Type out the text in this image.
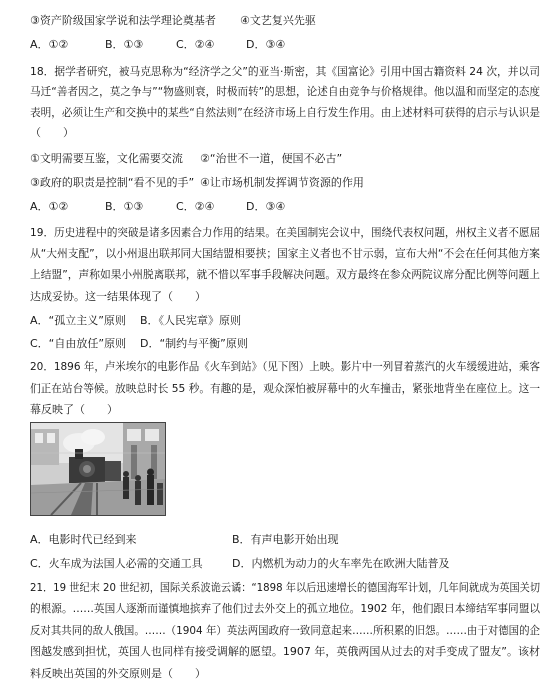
③资产阶级国家学说和法学理论奠基者 ④文艺复兴先驱
A．①②	B．①③	C．②④	D．③④
18．据学者研究，被马克思称为“经济学之父”的亚当·斯密，其《国富论》引用中国古籍资料 24 次，并以司
马迁“善者因之，莫之争与”“物盛则衰，时极而转”的思想，论述自由竞争与价格规律。他以温和而坚定的态度
表明，必须让生产和交换中的某些“自然法则”在经济市场上自行发生作用。由上述材料可获得的启示与认识是
（　　）
①文明需要互鉴，文化需要交流 ②“治世不一道，便国不必古”
③政府的职责是控制“看不见的手” ④让市场机制发挥调节资源的作用
A．①②	B．①③	C．②④	D．③④
19．历史进程中的突破是诸多因素合力作用的结果。在美国制宪会议中，围绕代表权问题，州权主义者不愿屈
从“大州支配”，以小州退出联邦同大国结盟相要挟；国家主义者也不甘示弱，宣布大州“不会在任何其他方案
上结盟”，声称如果小州脱离联邦，就不惜以军事手段解决问题。双方最终在参众两院议席分配比例等问题上
达成妥协。这一结果体现了（　　）
A．“孤立主义”原则 B．《人民宪章》原则
C．“自由放任”原则 D．“制约与平衡”原则
20．1896 年，卢米埃尔的电影作品《火车到站》（见下图）上映。影片中一列冒着蒸汽的火车缓缓进站，乘客
们正在站台等候。放映总时长 55 秒。有趣的是，观众深怕被屏幕中的火车撞击，紧张地背坐在座位上。这一
幕反映了（　　）
A．电影时代已经到来	B．有声电影开始出现
C．火车成为法国人必需的交通工具	D．内燃机为动力的火车率先在欧洲大陆普及
21．19 世纪末 20 世纪初，国际关系波诡云谲：“1898 年以后迅速增长的德国海军计划，几年间就成为英国关切
的根源。……英国人逐渐而谨慎地摈弃了他们过去外交上的孤立地位。1902 年，他们跟日本缔结军事同盟以
反对其共同的敌人俄国。……（1904 年）英法两国政府一致同意起来……所积累的旧怨。……由于对德国的企
图越发感到担忧，英国人也同样有接受调解的愿望。1907 年，英俄两国从过去的对手变成了盟友”。该材
料反映出英国的外交原则是（　　）
